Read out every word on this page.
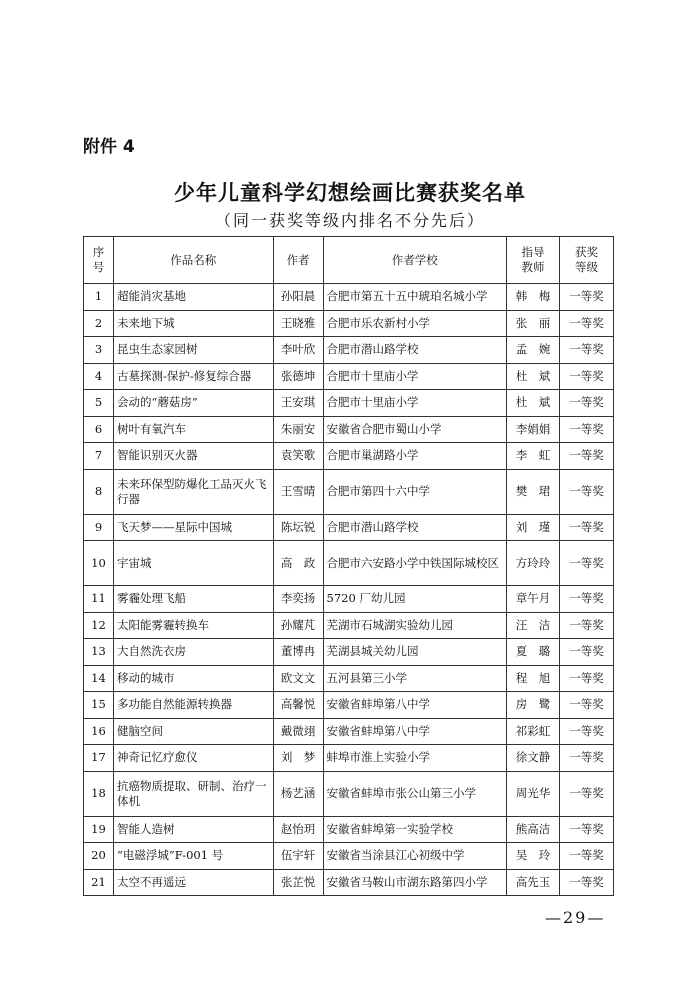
附件 4
少年儿童科学幻想绘画比赛获奖名单
（同一获奖等级内排名不分先后）
序号	作品名称	作者	作者学校	指导教师	获奖等级
1	超能消灾基地	孙阳晨	合肥市第五十五中琥珀名城小学	韩　梅	一等奖
2	未来地下城	王晓雅	合肥市乐农新村小学	张　丽	一等奖
3	昆虫生态家园树	李叶欣	合肥市潜山路学校	孟　婉	一等奖
4	古墓探测-保护-修复综合器	张德坤	合肥市十里庙小学	杜　斌	一等奖
5	会动的“蘑菇房”	王安琪	合肥市十里庙小学	杜　斌	一等奖
6	树叶有氧汽车	朱丽安	安徽省合肥市蜀山小学	李娟娟	一等奖
7	智能识别灭火器	袁笑歌	合肥市巢湖路小学	李　虹	一等奖
8	未来环保型防爆化工品灭火飞行器	王雪晴	合肥市第四十六中学	樊　珺	一等奖
9	飞天梦——星际中国城	陈坛锐	合肥市潜山路学校	刘　瑾	一等奖
10	宇宙城	高　政	合肥市六安路小学中铁国际城校区	方玲玲	一等奖
11	雾霾处理飞船	李奕扬	5720 厂幼儿园	章午月	一等奖
12	太阳能雾霾转换车	孙耀芃	芜湖市石城湖实验幼儿园	汪　洁	一等奖
13	大自然洗衣房	董博冉	芜湖县城关幼儿园	夏　璐	一等奖
14	移动的城市	欧文文	五河县第三小学	程　旭	一等奖
15	多功能自然能源转换器	高馨悦	安徽省蚌埠第八中学	房　鹭	一等奖
16	健脑空间	戴微翊	安徽省蚌埠第八中学	祁彩虹	一等奖
17	神奇记忆疗愈仪	刘　梦	蚌埠市淮上实验小学	徐文静	一等奖
18	抗癌物质提取、研制、治疗一体机	杨艺涵	安徽省蚌埠市张公山第三小学	周光华	一等奖
19	智能人造树	赵怡玥	安徽省蚌埠第一实验学校	熊高洁	一等奖
20	“电磁浮城”F-001 号	伍宇轩	安徽省当涂县江心初级中学	吴　玲	一等奖
21	太空不再遥远	张芷悦	安徽省马鞍山市湖东路第四小学	高先玉	一等奖
—29—
